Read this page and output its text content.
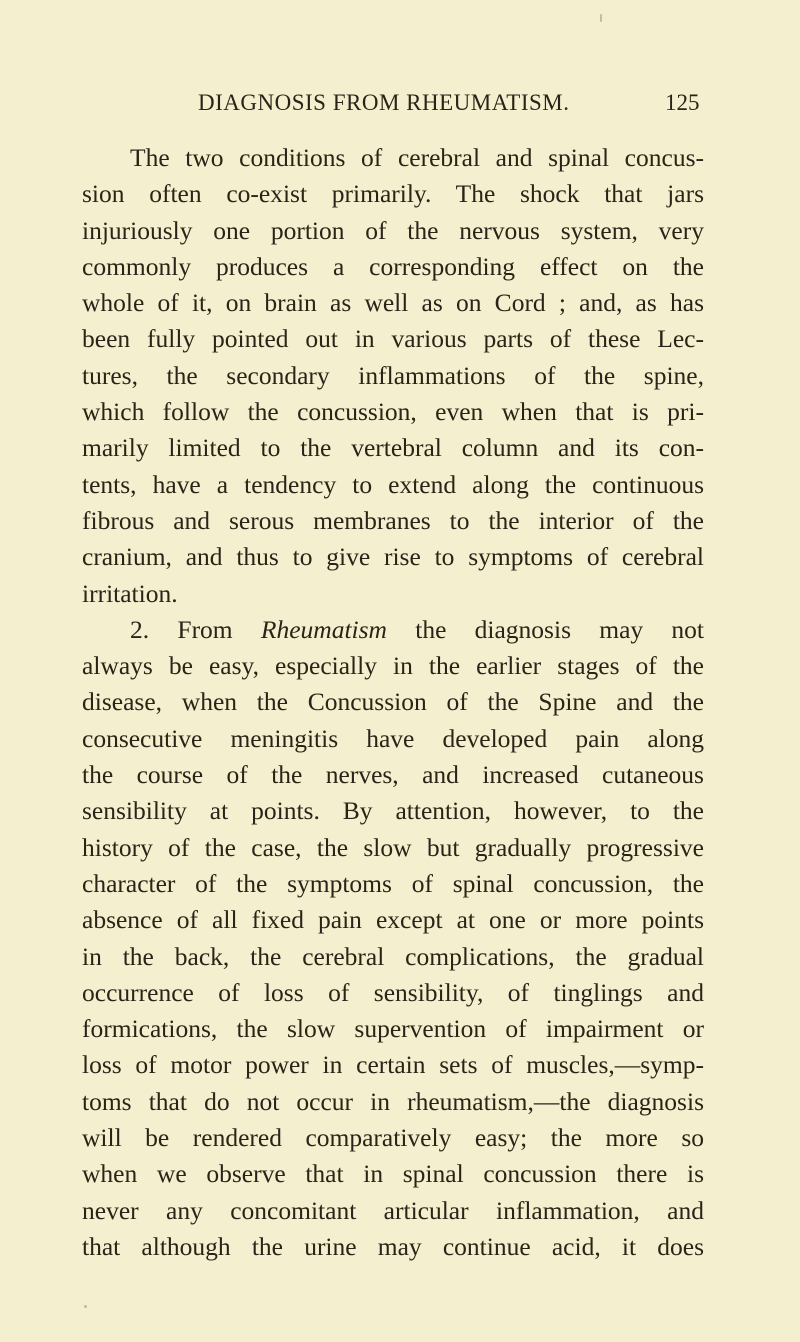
DIAGNOSIS FROM RHEUMATISM.	125
The two conditions of cerebral and spinal concus-
sion often co-exist primarily. The shock that jars
injuriously one portion of the nervous system, very
commonly produces a corresponding effect on the
whole of it, on brain as well as on Cord ; and, as has
been fully pointed out in various parts of these Lec-
tures, the secondary inflammations of the spine,
which follow the concussion, even when that is pri-
marily limited to the vertebral column and its con-
tents, have a tendency to extend along the continuous
fibrous and serous membranes to the interior of the
cranium, and thus to give rise to symptoms of cerebral
irritation.
2. From Rheumatism the diagnosis may not
always be easy, especially in the earlier stages of the
disease, when the Concussion of the Spine and the
consecutive meningitis have developed pain along
the course of the nerves, and increased cutaneous
sensibility at points. By attention, however, to the
history of the case, the slow but gradually progressive
character of the symptoms of spinal concussion, the
absence of all fixed pain except at one or more points
in the back, the cerebral complications, the gradual
occurrence of loss of sensibility, of tinglings and
formications, the slow supervention of impairment or
loss of motor power in certain sets of muscles,—symp-
toms that do not occur in rheumatism,—the diagnosis
will be rendered comparatively easy; the more so
when we observe that in spinal concussion there is
never any concomitant articular inflammation, and
that although the urine may continue acid, it does
